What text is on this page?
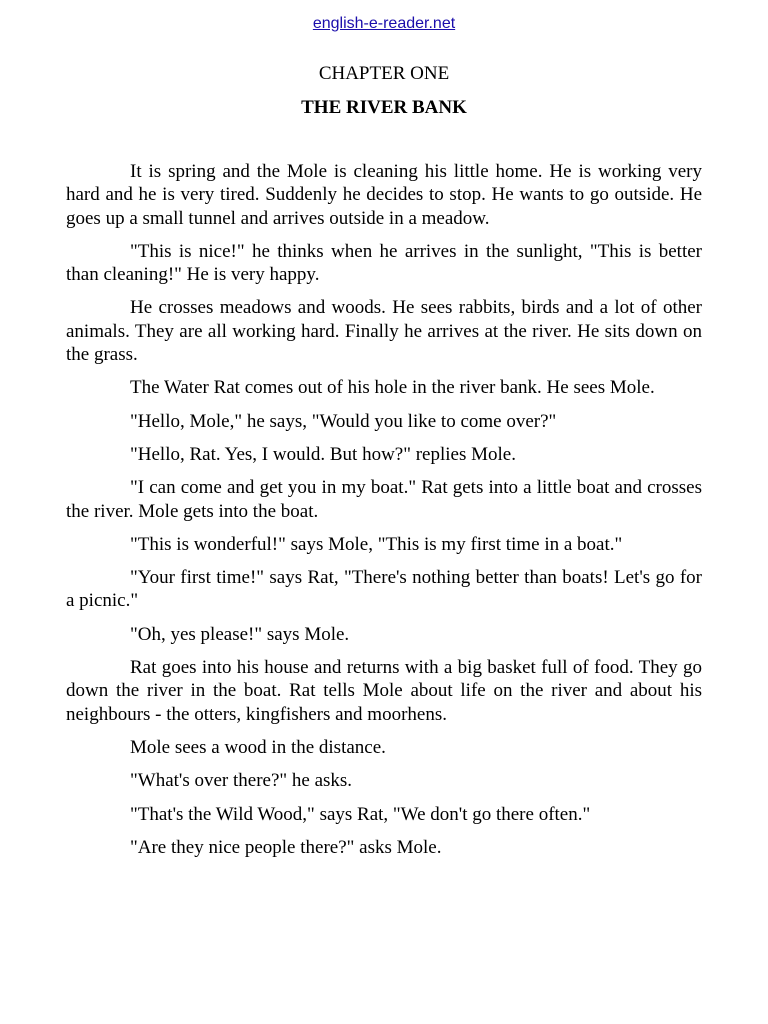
english-e-reader.net
CHAPTER ONE
THE RIVER BANK

It is spring and the Mole is cleaning his little home. He is working very hard and he is very tired. Suddenly he decides to stop. He wants to go outside. He goes up a small tunnel and arrives outside in a meadow.

"This is nice!" he thinks when he arrives in the sunlight, "This is better than cleaning!" He is very happy.

He crosses meadows and woods. He sees rabbits, birds and a lot of other animals. They are all working hard. Finally he arrives at the river. He sits down on the grass.

The Water Rat comes out of his hole in the river bank. He sees Mole.

"Hello, Mole," he says, "Would you like to come over?"

"Hello, Rat. Yes, I would. But how?" replies Mole.

"I can come and get you in my boat." Rat gets into a little boat and crosses the river. Mole gets into the boat.

"This is wonderful!" says Mole, "This is my first time in a boat."

"Your first time!" says Rat, "There's nothing better than boats! Let's go for a picnic."

"Oh, yes please!" says Mole.

Rat goes into his house and returns with a big basket full of food. They go down the river in the boat. Rat tells Mole about life on the river and about his neighbours - the otters, kingfishers and moorhens.

Mole sees a wood in the distance.

"What's over there?" he asks.

"That's the Wild Wood," says Rat, "We don't go there often."

"Are they nice people there?" asks Mole.
